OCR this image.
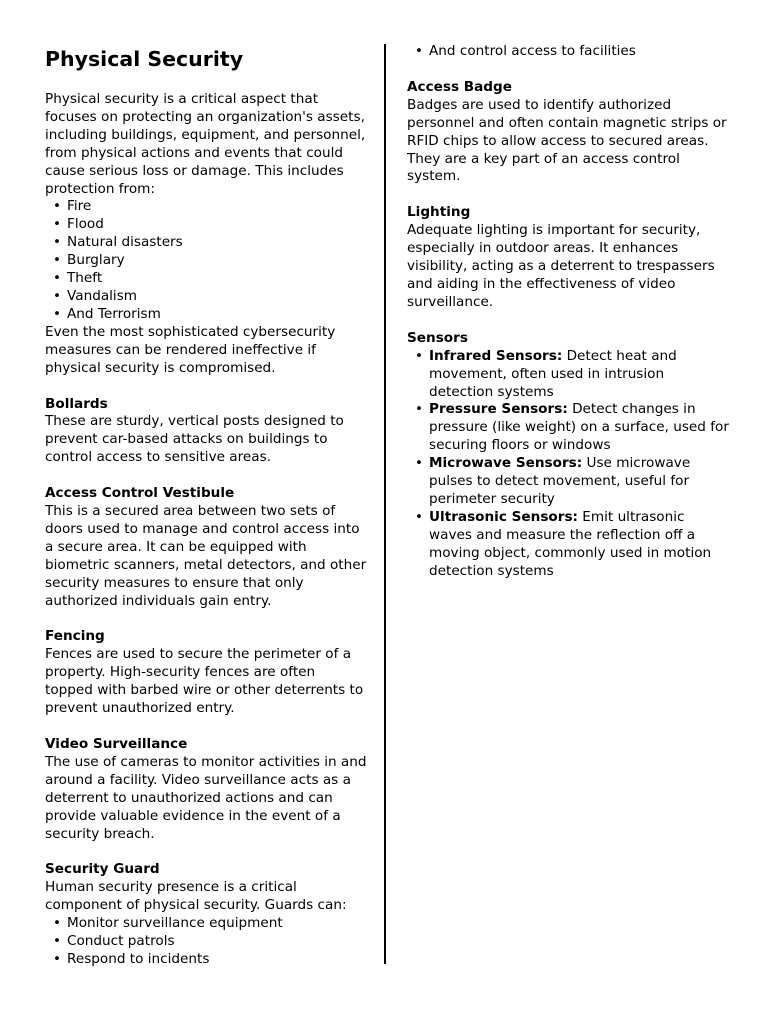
Physical Security

Physical security is a critical aspect that focuses on protecting an organization's assets, including buildings, equipment, and personnel, from physical actions and events that could cause serious loss or damage. This includes protection from:

• Fire
• Flood
• Natural disasters
• Burglary
• Theft
• Vandalism
• And Terrorism

Even the most sophisticated cybersecurity measures can be rendered ineffective if physical security is compromised.

Bollards

These are sturdy, vertical posts designed to prevent car-based attacks on buildings to control access to sensitive areas.

Access Control Vestibule

This is a secured area between two sets of doors used to manage and control access into a secure area. It can be equipped with biometric scanners, metal detectors, and other security measures to ensure that only authorized individuals gain entry.

Fencing

Fences are used to secure the perimeter of a property. High-security fences are often topped with barbed wire or other deterrents to prevent unauthorized entry.

Video Surveillance

The use of cameras to monitor activities in and around a facility. Video surveillance acts as a deterrent to unauthorized actions and can provide valuable evidence in the event of a security breach.

Security Guard

Human security presence is a critical component of physical security. Guards can:

• Monitor surveillance equipment
• Conduct patrols
• Respond to incidents
• And control access to facilities

Access Badge

Badges are used to identify authorized personnel and often contain magnetic strips or RFID chips to allow access to secured areas. They are a key part of an access control system.

Lighting

Adequate lighting is important for security, especially in outdoor areas. It enhances visibility, acting as a deterrent to trespassers and aiding in the effectiveness of video surveillance.

Sensors

• Infrared Sensors: Detect heat and movement, often used in intrusion detection systems
• Pressure Sensors: Detect changes in pressure (like weight) on a surface, used for securing floors or windows
• Microwave Sensors: Use microwave pulses to detect movement, useful for perimeter security
• Ultrasonic Sensors: Emit ultrasonic waves and measure the reflection off a moving object, commonly used in motion detection systems
